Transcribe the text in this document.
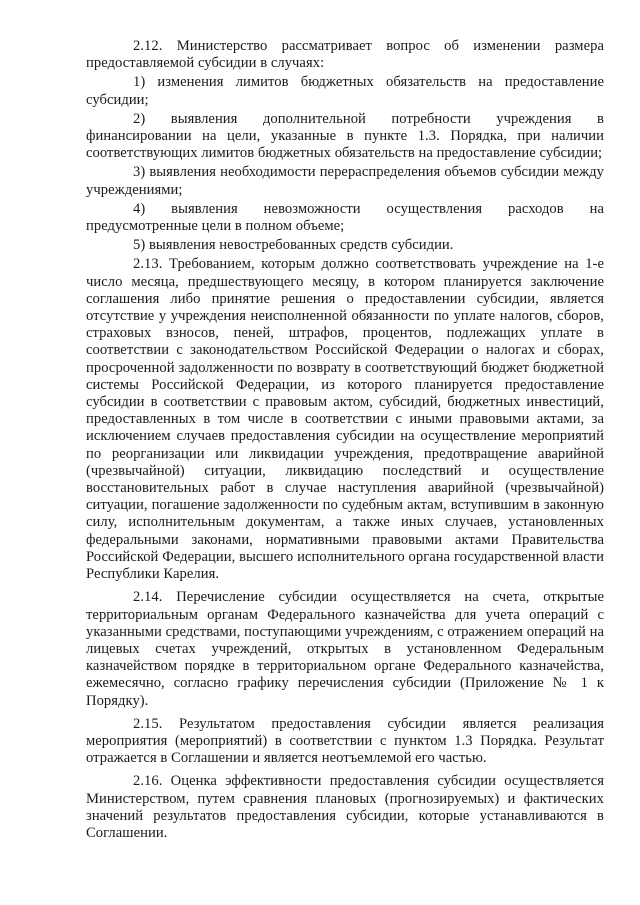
2.12. Министерство рассматривает вопрос об изменении размера предоставляемой субсидии в случаях:

1) изменения лимитов бюджетных обязательств на предоставление субсидии;

2) выявления дополнительной потребности учреждения в финансировании на цели, указанные в пункте 1.3. Порядка, при наличии соответствующих лимитов бюджетных обязательств на предоставление субсидии;

3) выявления необходимости перераспределения объемов субсидии между учреждениями;

4) выявления невозможности осуществления расходов на предусмотренные цели в полном объеме;

5) выявления невостребованных средств субсидии.

2.13. Требованием, которым должно соответствовать учреждение на 1-е число месяца, предшествующего месяцу, в котором планируется заключение соглашения либо принятие решения о предоставлении субсидии, является отсутствие у учреждения неисполненной обязанности по уплате налогов, сборов, страховых взносов, пеней, штрафов, процентов, подлежащих уплате в соответствии с законодательством Российской Федерации о налогах и сборах, просроченной задолженности по возврату в соответствующий бюджет бюджетной системы Российской Федерации, из которого планируется предоставление субсидии в соответствии с правовым актом, субсидий, бюджетных инвестиций, предоставленных в том числе в соответствии с иными правовыми актами, за исключением случаев предоставления субсидии на осуществление мероприятий по реорганизации или ликвидации учреждения, предотвращение аварийной (чрезвычайной) ситуации, ликвидацию последствий и осуществление восстановительных работ в случае наступления аварийной (чрезвычайной) ситуации, погашение задолженности по судебным актам, вступившим в законную силу, исполнительным документам, а также иных случаев, установленных федеральными законами, нормативными правовыми актами Правительства Российской Федерации, высшего исполнительного органа государственной власти Республики Карелия.

2.14. Перечисление субсидии осуществляется на счета, открытые территориальным органам Федерального казначейства для учета операций с указанными средствами, поступающими учреждениям, с отражением операций на лицевых счетах учреждений, открытых в установленном Федеральным казначейством порядке в территориальном органе Федерального казначейства, ежемесячно, согласно графику перечисления субсидии (Приложение № 1 к Порядку).

2.15. Результатом предоставления субсидии является реализация мероприятия (мероприятий) в соответствии с пунктом 1.3 Порядка. Результат отражается в Соглашении и является неотъемлемой его частью.

2.16. Оценка эффективности предоставления субсидии осуществляется Министерством, путем сравнения плановых (прогнозируемых) и фактических значений результатов предоставления субсидии, которые устанавливаются в Соглашении.
